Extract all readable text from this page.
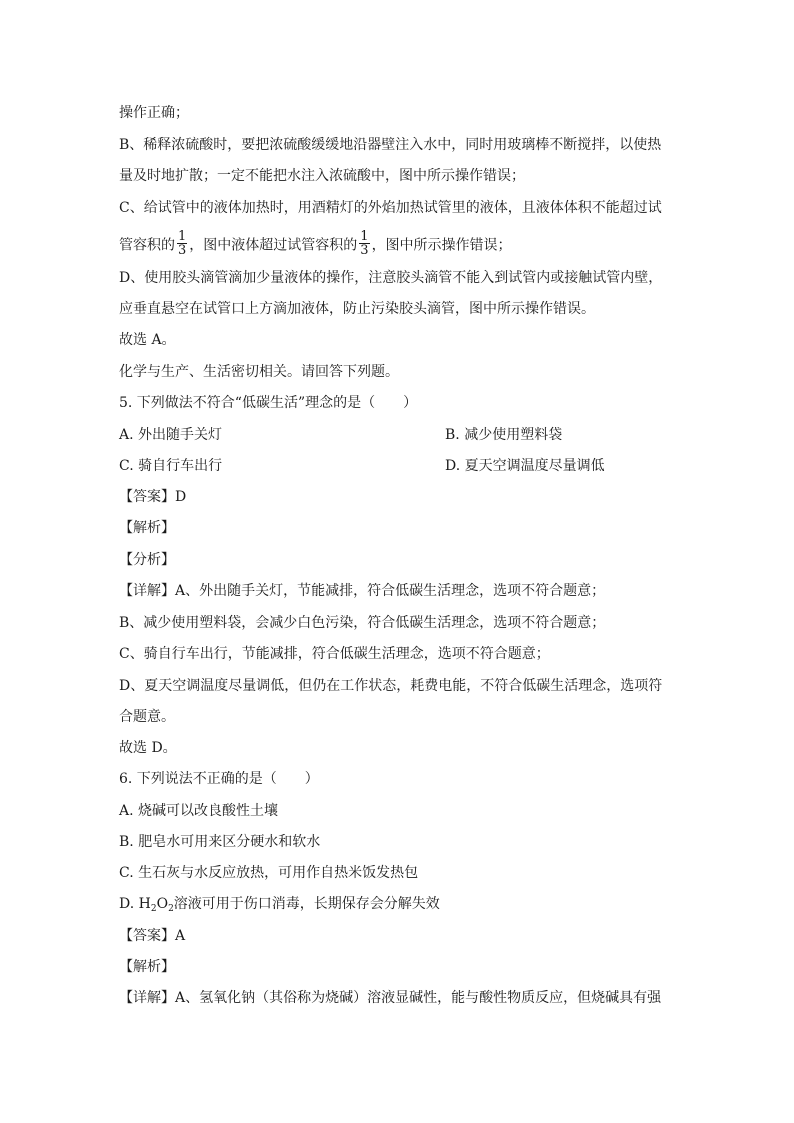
操作正确；
B、稀释浓硫酸时，要把浓硫酸缓缓地沿器壁注入水中，同时用玻璃棒不断搅拌，以使热
量及时地扩散；一定不能把水注入浓硫酸中，图中所示操作错误；
C、给试管中的液体加热时，用酒精灯的外焰加热试管里的液体，且液体体积不能超过试
管容积的 $\frac{1}{3}$ ，图中液体超过试管容积的 $\frac{1}{3}$ ，图中所示操作错误；
D、使用胶头滴管滴加少量液体的操作，注意胶头滴管不能入到试管内或接触试管内壁，
应垂直悬空在试管口上方滴加液体，防止污染胶头滴管，图中所示操作错误。
故选 A。
化学与生产、生活密切相关。请回答下列题。
5. 下列做法不符合“低碳生活”理念的是（　　）
A. 外出随手关灯	B. 减少使用塑料袋
C. 骑自行车出行	D. 夏天空调温度尽量调低
【答案】D
【解析】
【分析】
【详解】A、外出随手关灯，节能减排，符合低碳生活理念，选项不符合题意；
B、减少使用塑料袋，会减少白色污染，符合低碳生活理念，选项不符合题意；
C、骑自行车出行，节能减排，符合低碳生活理念，选项不符合题意；
D、夏天空调温度尽量调低，但仍在工作状态，耗费电能，不符合低碳生活理念，选项符
合题意。
故选 D。
6. 下列说法不正确的是（　　）
A. 烧碱可以改良酸性土壤
B. 肥皂水可用来区分硬水和软水
C. 生石灰与水反应放热，可用作自热米饭发热包
D. $H_2O_2$溶液可用于伤口消毒，长期保存会分解失效
【答案】A
【解析】
【详解】A、氢氧化钠（其俗称为烧碱）溶液显碱性，能与酸性物质反应，但烧碱具有强
